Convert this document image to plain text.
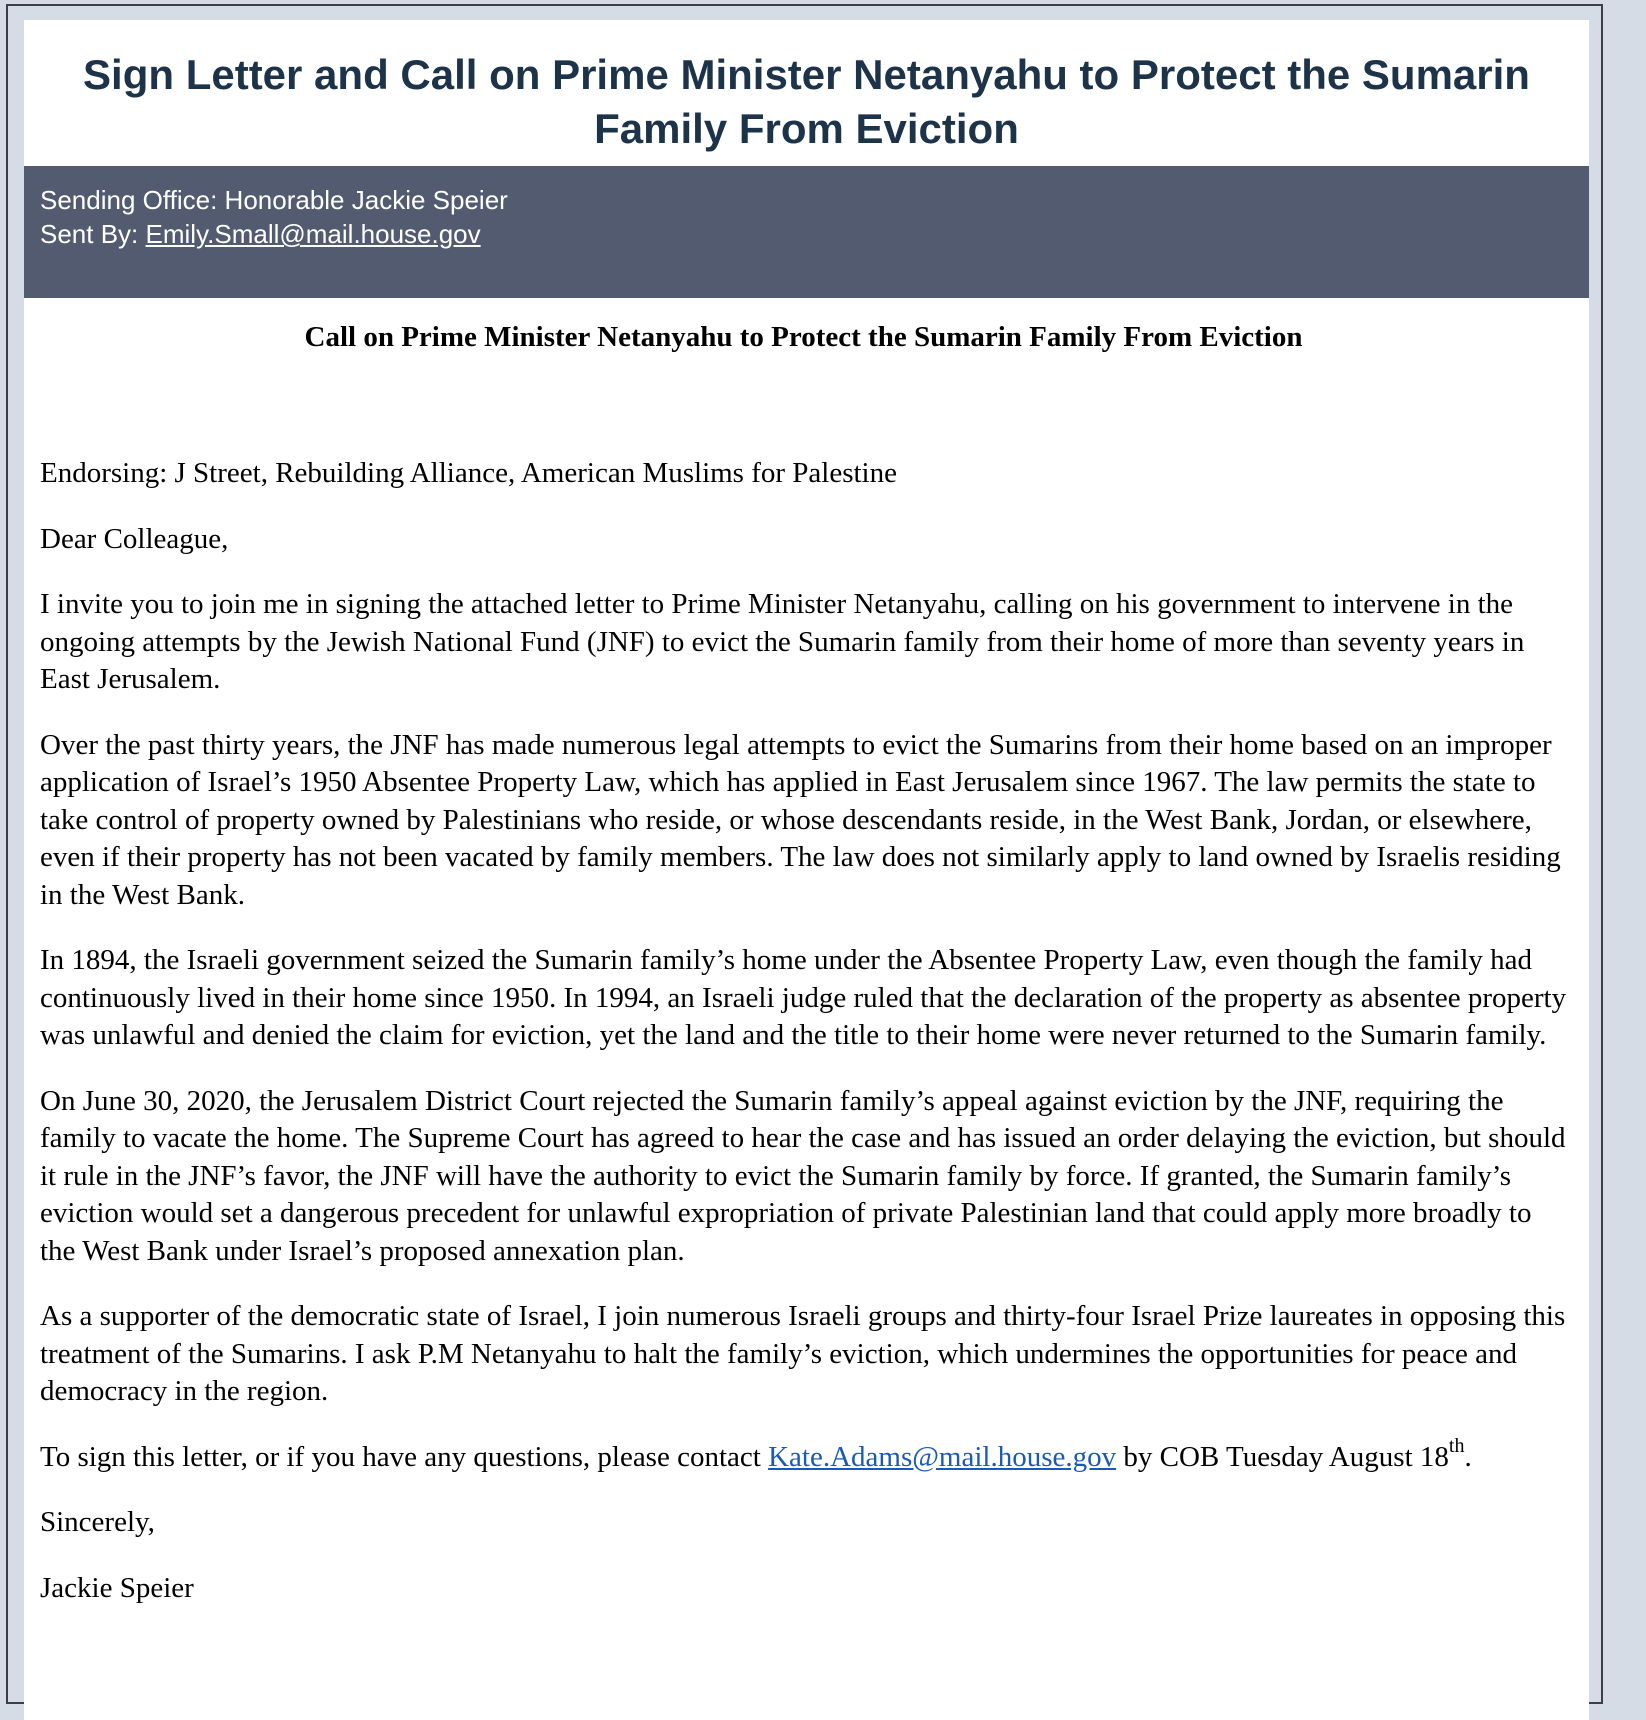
Sign Letter and Call on Prime Minister Netanyahu to Protect the Sumarin Family From Eviction
Sending Office: Honorable Jackie Speier
Sent By: Emily.Small@mail.house.gov
Call on Prime Minister Netanyahu to Protect the Sumarin Family From Eviction

Endorsing: J Street, Rebuilding Alliance, American Muslims for Palestine

Dear Colleague,

I invite you to join me in signing the attached letter to Prime Minister Netanyahu, calling on his government to intervene in the ongoing attempts by the Jewish National Fund (JNF) to evict the Sumarin family from their home of more than seventy years in East Jerusalem.

Over the past thirty years, the JNF has made numerous legal attempts to evict the Sumarins from their home based on an improper application of Israel’s 1950 Absentee Property Law, which has applied in East Jerusalem since 1967. The law permits the state to take control of property owned by Palestinians who reside, or whose descendants reside, in the West Bank, Jordan, or elsewhere, even if their property has not been vacated by family members. The law does not similarly apply to land owned by Israelis residing in the West Bank.

In 1894, the Israeli government seized the Sumarin family’s home under the Absentee Property Law, even though the family had continuously lived in their home since 1950. In 1994, an Israeli judge ruled that the declaration of the property as absentee property was unlawful and denied the claim for eviction, yet the land and the title to their home were never returned to the Sumarin family.

On June 30, 2020, the Jerusalem District Court rejected the Sumarin family’s appeal against eviction by the JNF, requiring the family to vacate the home. The Supreme Court has agreed to hear the case and has issued an order delaying the eviction, but should it rule in the JNF’s favor, the JNF will have the authority to evict the Sumarin family by force. If granted, the Sumarin family’s eviction would set a dangerous precedent for unlawful expropriation of private Palestinian land that could apply more broadly to the West Bank under Israel’s proposed annexation plan.

As a supporter of the democratic state of Israel, I join numerous Israeli groups and thirty-four Israel Prize laureates in opposing this treatment of the Sumarins. I ask P.M Netanyahu to halt the family’s eviction, which undermines the opportunities for peace and democracy in the region.

To sign this letter, or if you have any questions, please contact Kate.Adams@mail.house.gov by COB Tuesday August 18th.

Sincerely,

Jackie Speier
